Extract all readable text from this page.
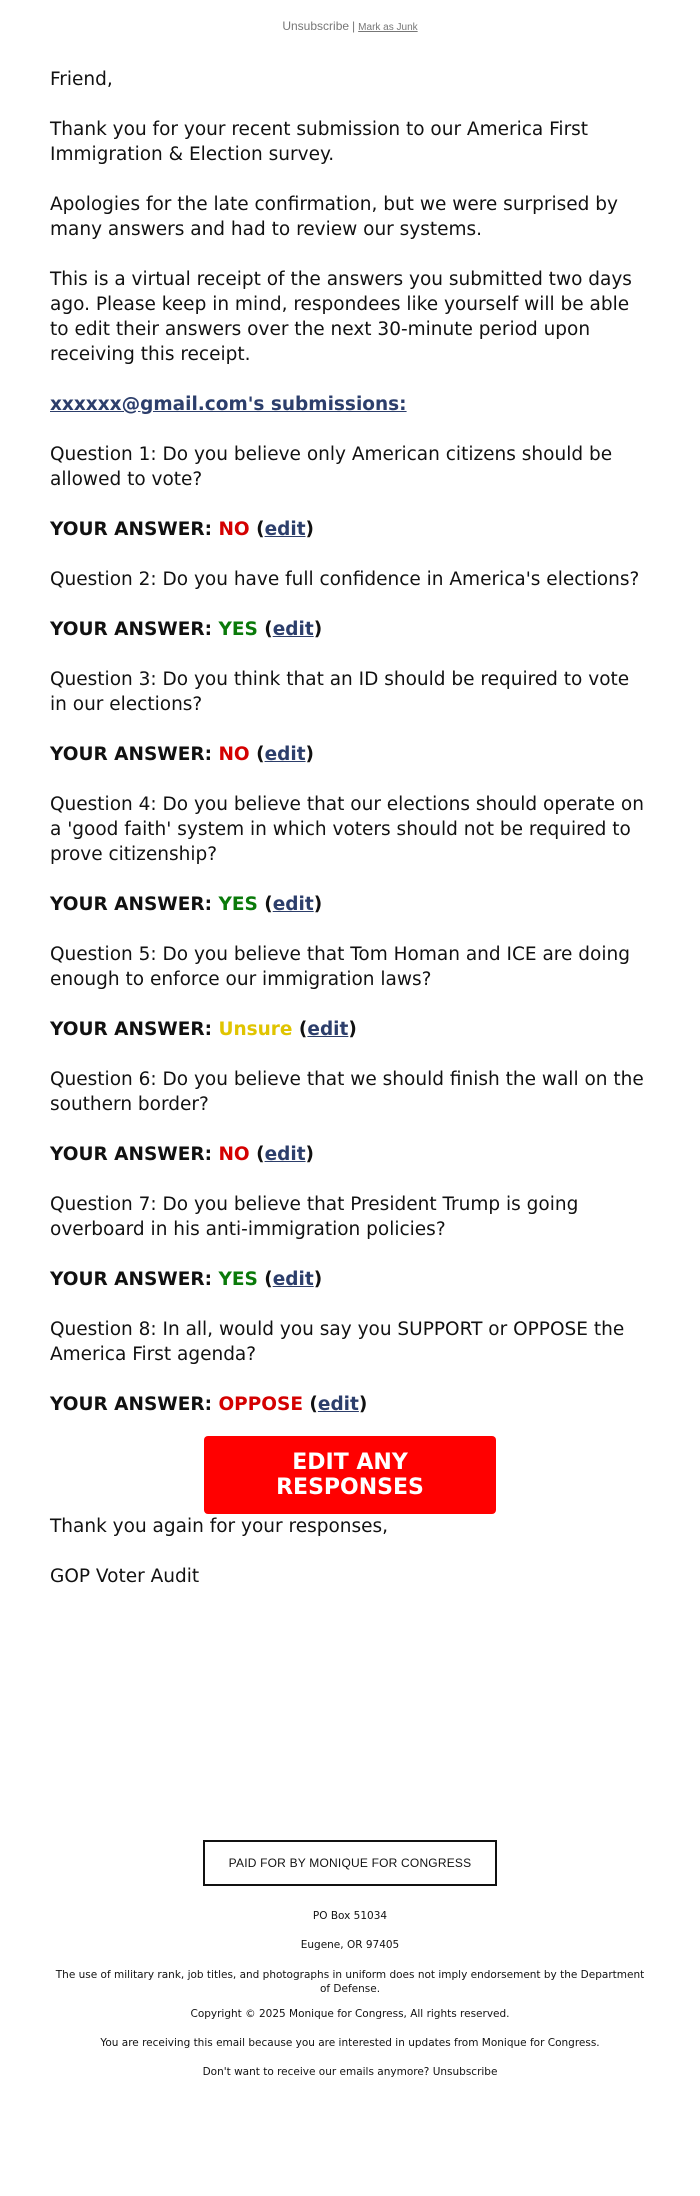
Unsubscribe | Mark as Junk

Friend,

Thank you for your recent submission to our America First Immigration & Election survey.

Apologies for the late confirmation, but we were surprised by many answers and had to review our systems.

This is a virtual receipt of the answers you submitted two days ago. Please keep in mind, respondees like yourself will be able to edit their answers over the next 30-minute period upon receiving this receipt.

xxxxxx@gmail.com's submissions:

Question 1: Do you believe only American citizens should be allowed to vote?

YOUR ANSWER: NO (edit)

Question 2: Do you have full confidence in America's elections?

YOUR ANSWER: YES (edit)

Question 3: Do you think that an ID should be required to vote in our elections?

YOUR ANSWER: NO (edit)

Question 4: Do you believe that our elections should operate on a 'good faith' system in which voters should not be required to prove citizenship?

YOUR ANSWER: YES (edit)

Question 5: Do you believe that Tom Homan and ICE are doing enough to enforce our immigration laws?

YOUR ANSWER: Unsure (edit)

Question 6: Do you believe that we should finish the wall on the southern border?

YOUR ANSWER: NO (edit)

Question 7: Do you believe that President Trump is going overboard in his anti-immigration policies?

YOUR ANSWER: YES (edit)

Question 8: In all, would you say you SUPPORT or OPPOSE the America First agenda?

YOUR ANSWER: OPPOSE (edit)

EDIT ANY RESPONSES

Thank you again for your responses,

GOP Voter Audit

PAID FOR BY MONIQUE FOR CONGRESS

PO Box 51034

Eugene, OR 97405

The use of military rank, job titles, and photographs in uniform does not imply endorsement by the Department of Defense.

Copyright © 2025 Monique for Congress, All rights reserved.

You are receiving this email because you are interested in updates from Monique for Congress.

Don't want to receive our emails anymore? Unsubscribe
